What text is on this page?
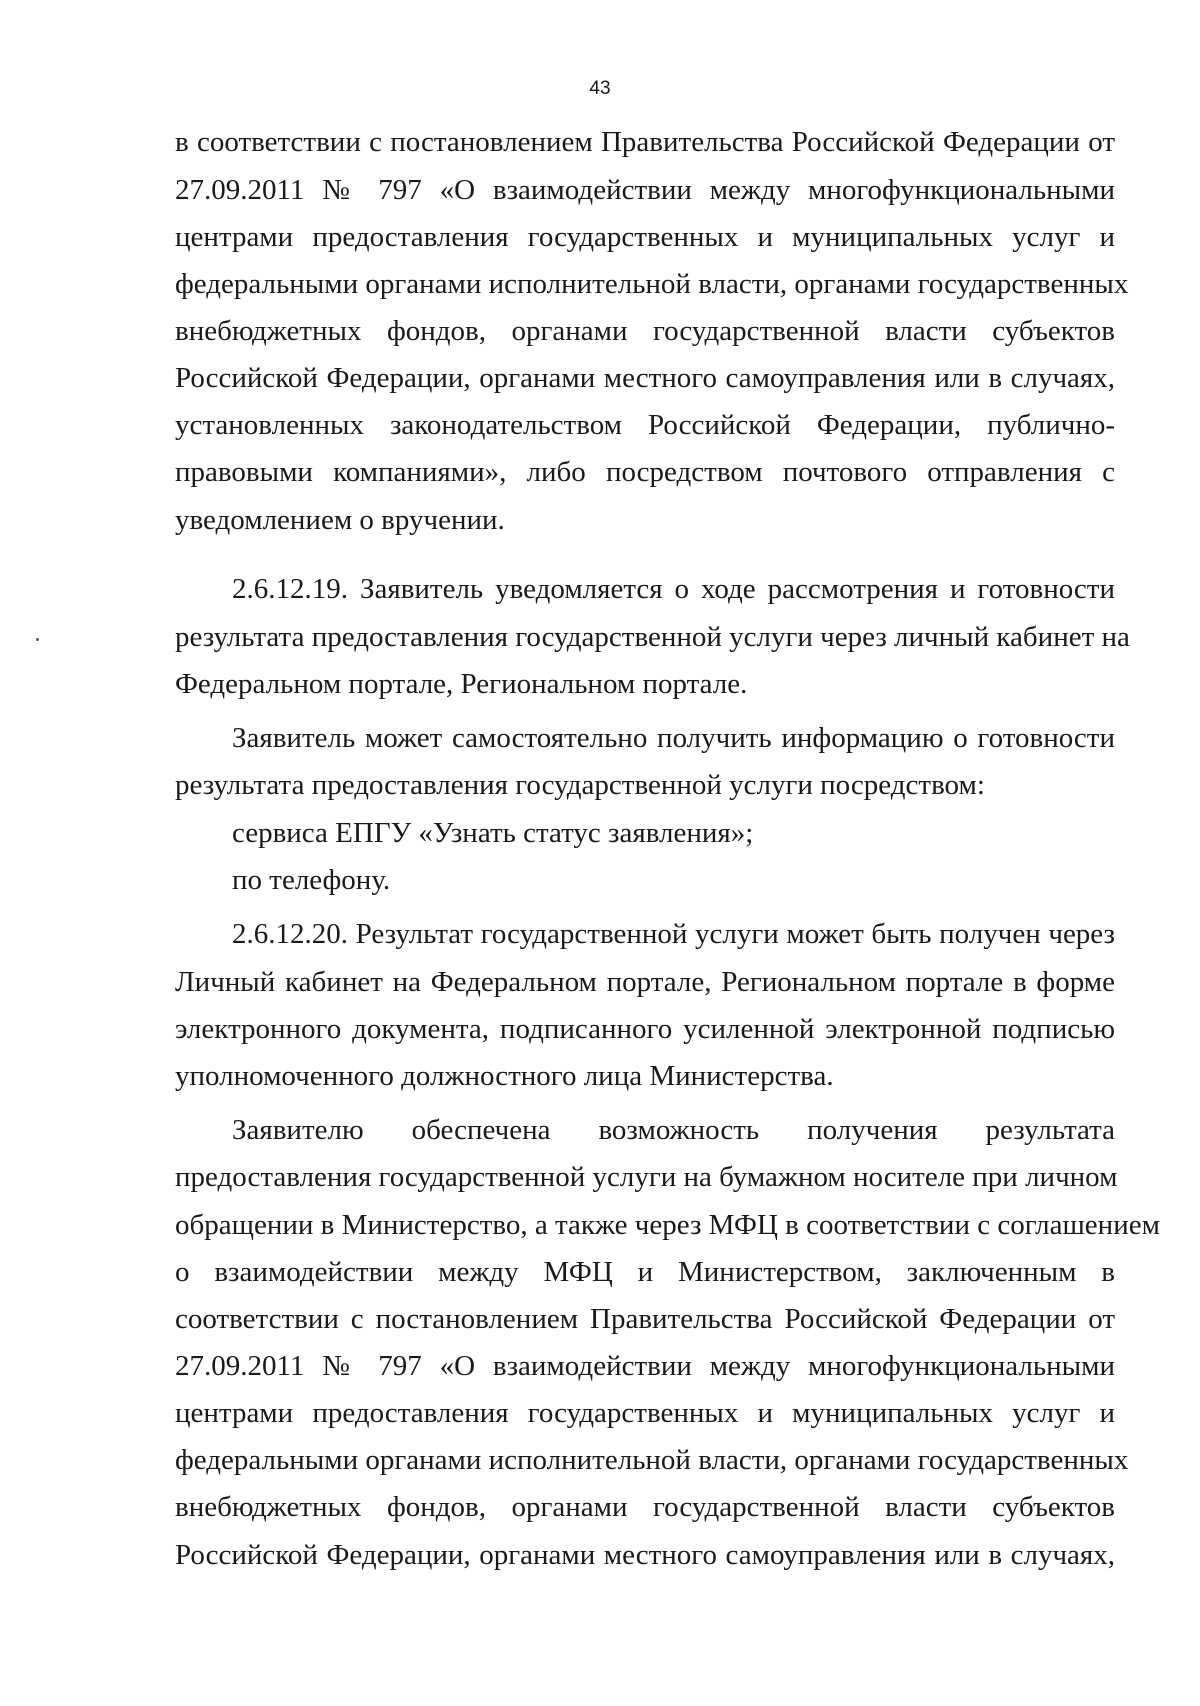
43
в соответствии с постановлением Правительства Российской Федерации от
27.09.2011 № 797 «О взаимодействии между многофункциональными
центрами предоставления государственных и муниципальных услуг и
федеральными органами исполнительной власти, органами государственных
внебюджетных фондов, органами государственной власти субъектов
Российской Федерации, органами местного самоуправления или в случаях,
установленных законодательством Российской Федерации, публично-
правовыми компаниями», либо посредством почтового отправления с
уведомлением о вручении.
2.6.12.19. Заявитель уведомляется о ходе рассмотрения и готовности
результата предоставления государственной услуги через личный кабинет на
Федеральном портале, Региональном портале.
Заявитель может самостоятельно получить информацию о готовности
результата предоставления государственной услуги посредством:
сервиса ЕПГУ «Узнать статус заявления»;
по телефону.
2.6.12.20. Результат государственной услуги может быть получен через
Личный кабинет на Федеральном портале, Региональном портале в форме
электронного документа, подписанного усиленной электронной подписью
уполномоченного должностного лица Министерства.
Заявителю обеспечена возможность получения результата
предоставления государственной услуги на бумажном носителе при личном
обращении в Министерство, а также через МФЦ в соответствии с соглашением
о взаимодействии между МФЦ и Министерством, заключенным в
соответствии с постановлением Правительства Российской Федерации от
27.09.2011 № 797 «О взаимодействии между многофункциональными
центрами предоставления государственных и муниципальных услуг и
федеральными органами исполнительной власти, органами государственных
внебюджетных фондов, органами государственной власти субъектов
Российской Федерации, органами местного самоуправления или в случаях,
